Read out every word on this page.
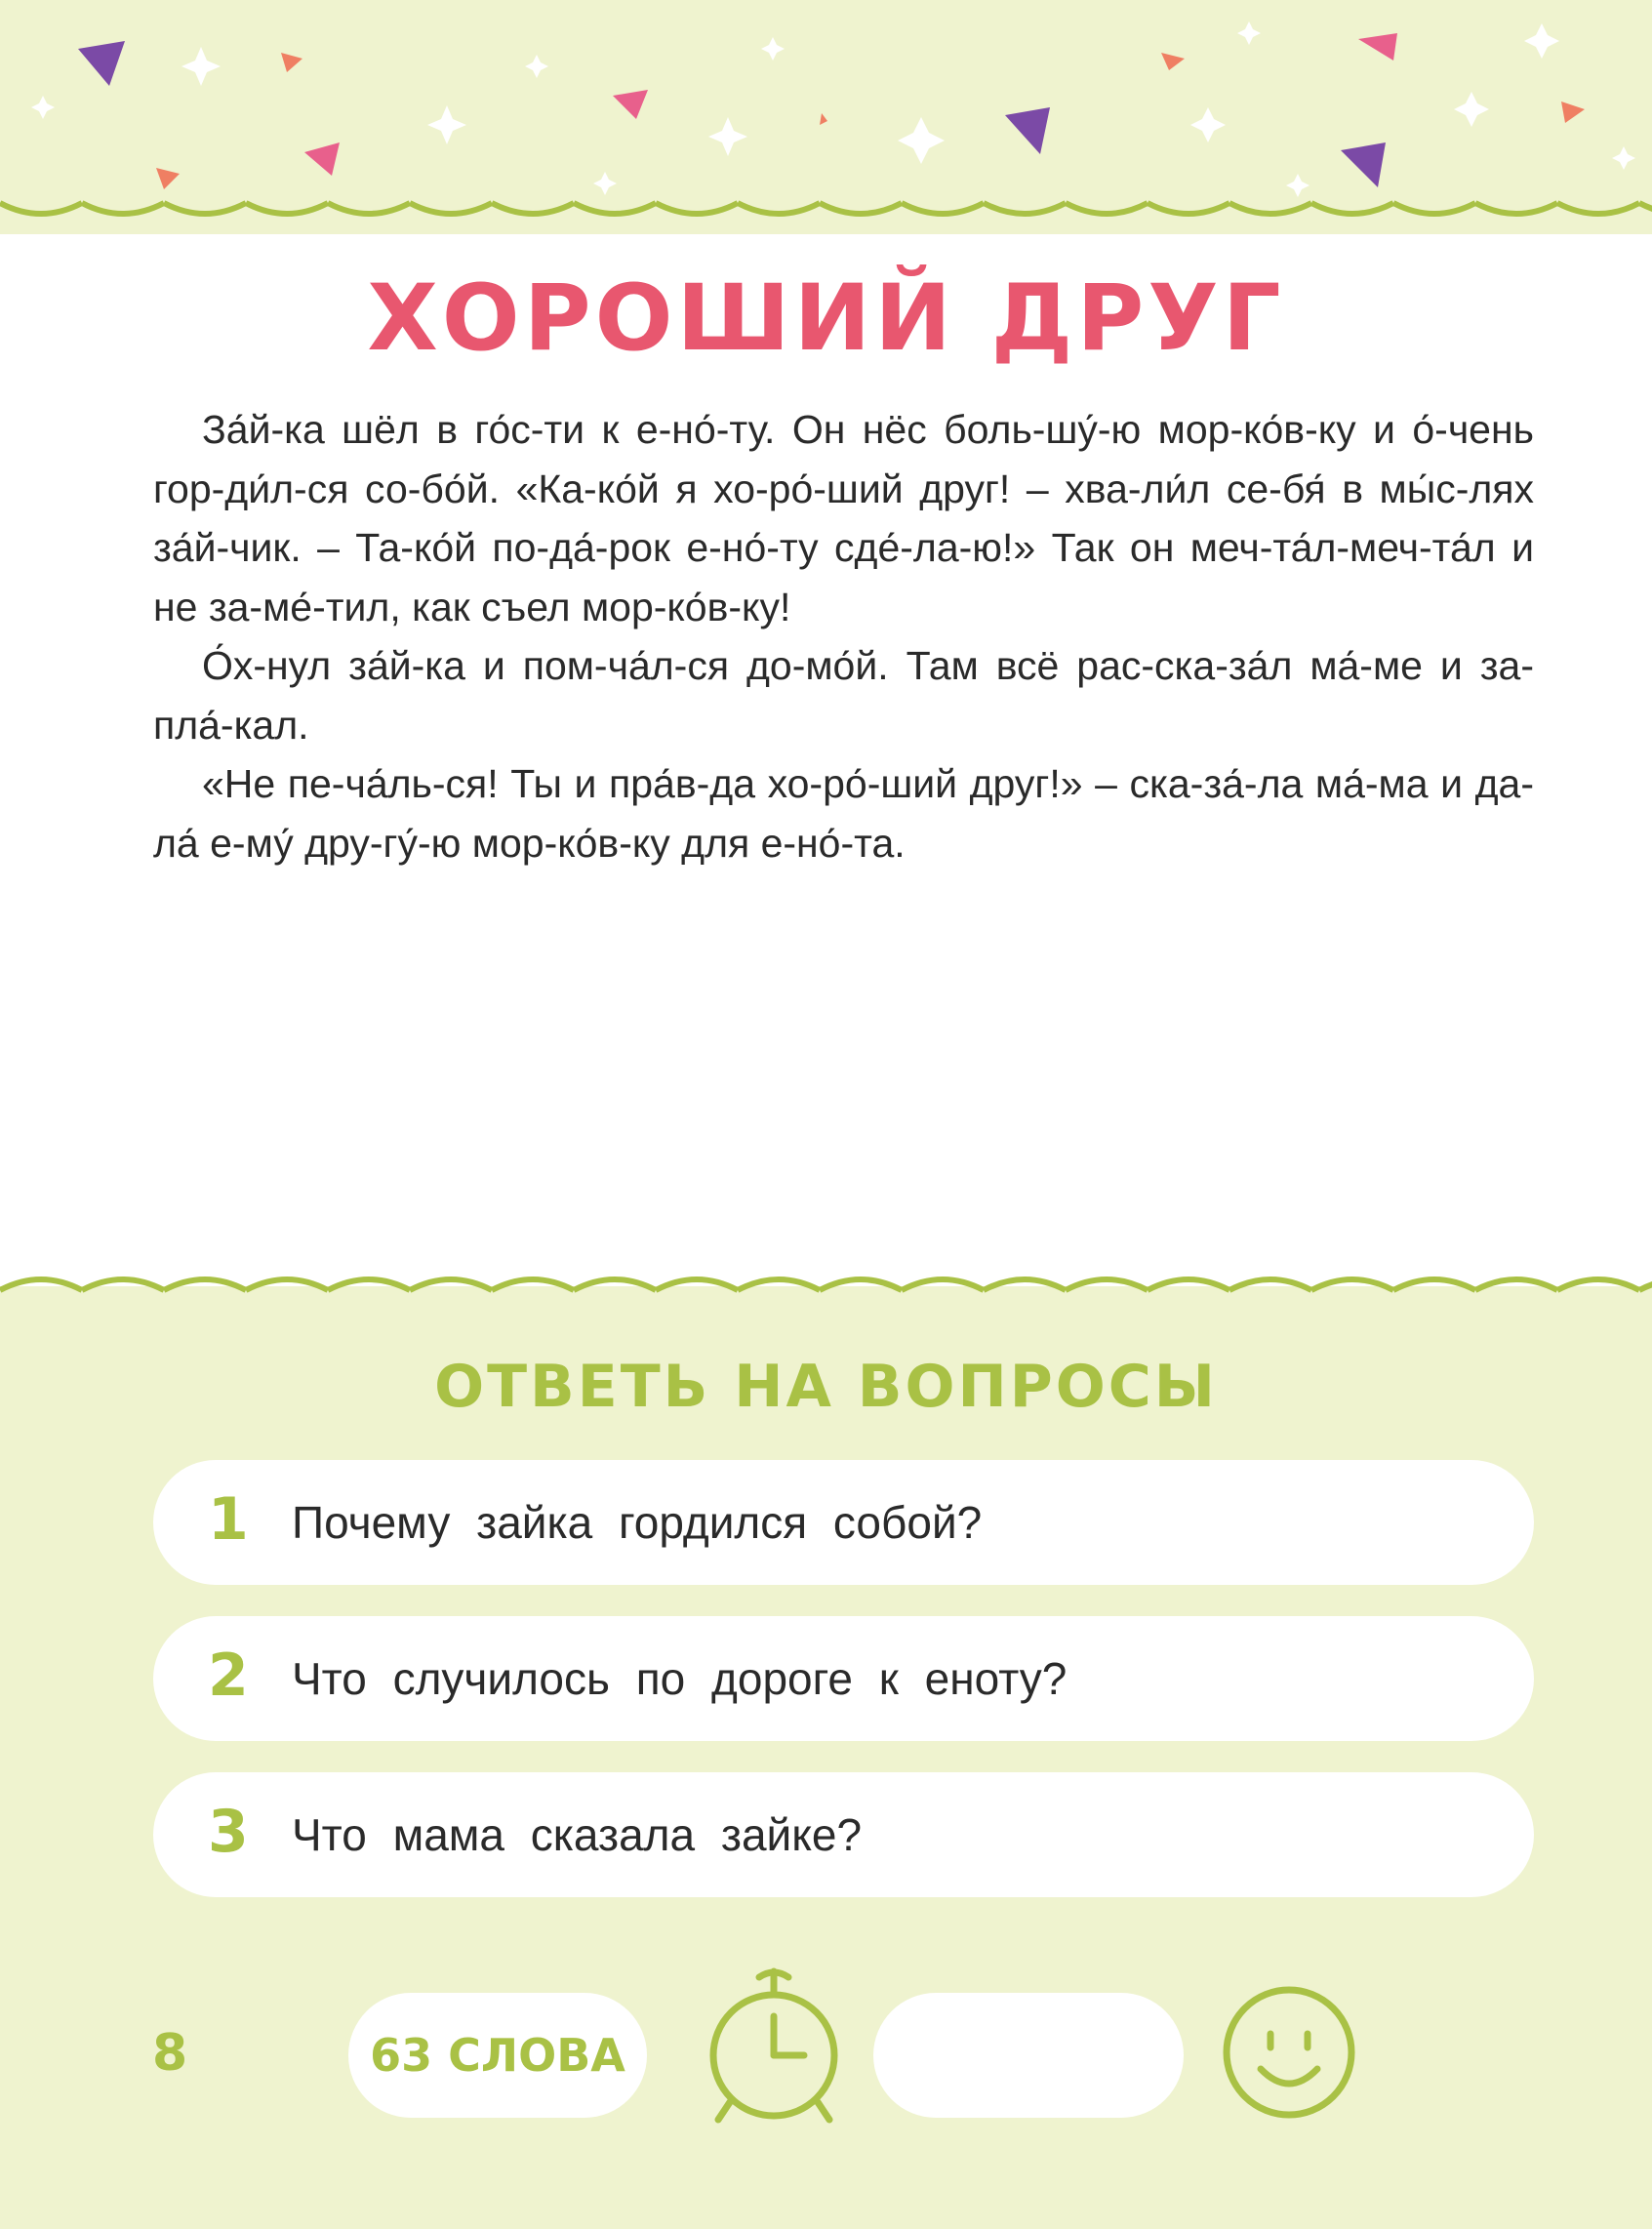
ХОРОШИЙ ДРУГ

За́й-ка шёл в го́с-ти к е-но́-ту. Он нёс боль-шу́-ю мор-ко́в-ку и о́-чень гор-ди́л-ся со-бо́й. «Ка-ко́й я хо-ро́-ший друг! – хва-ли́л се-бя́ в мы́с-лях за́й-чик. – Та-ко́й по-да́-рок е-но́-ту сде́-ла-ю!» Так он меч-та́л-меч-та́л и не за-ме́-тил, как съел мор-ко́в-ку!

О́х-нул за́й-ка и пом-ча́л-ся до-мо́й. Там всё рас-ска-за́л ма́-ме и за-пла́-кал.

«Не пе-ча́ль-ся! Ты и пра́в-да хо-ро́-ший друг!» – ска-за́-ла ма́-ма и да-ла́ е-му́ дру-гу́-ю мор-ко́в-ку для е-но́-та.

ОТВЕТЬ НА ВОПРОСЫ
1 Почему зайка гордился собой?
2 Что случилось по дороге к еноту?
3 Что мама сказала зайке?
8	63 СЛОВА
